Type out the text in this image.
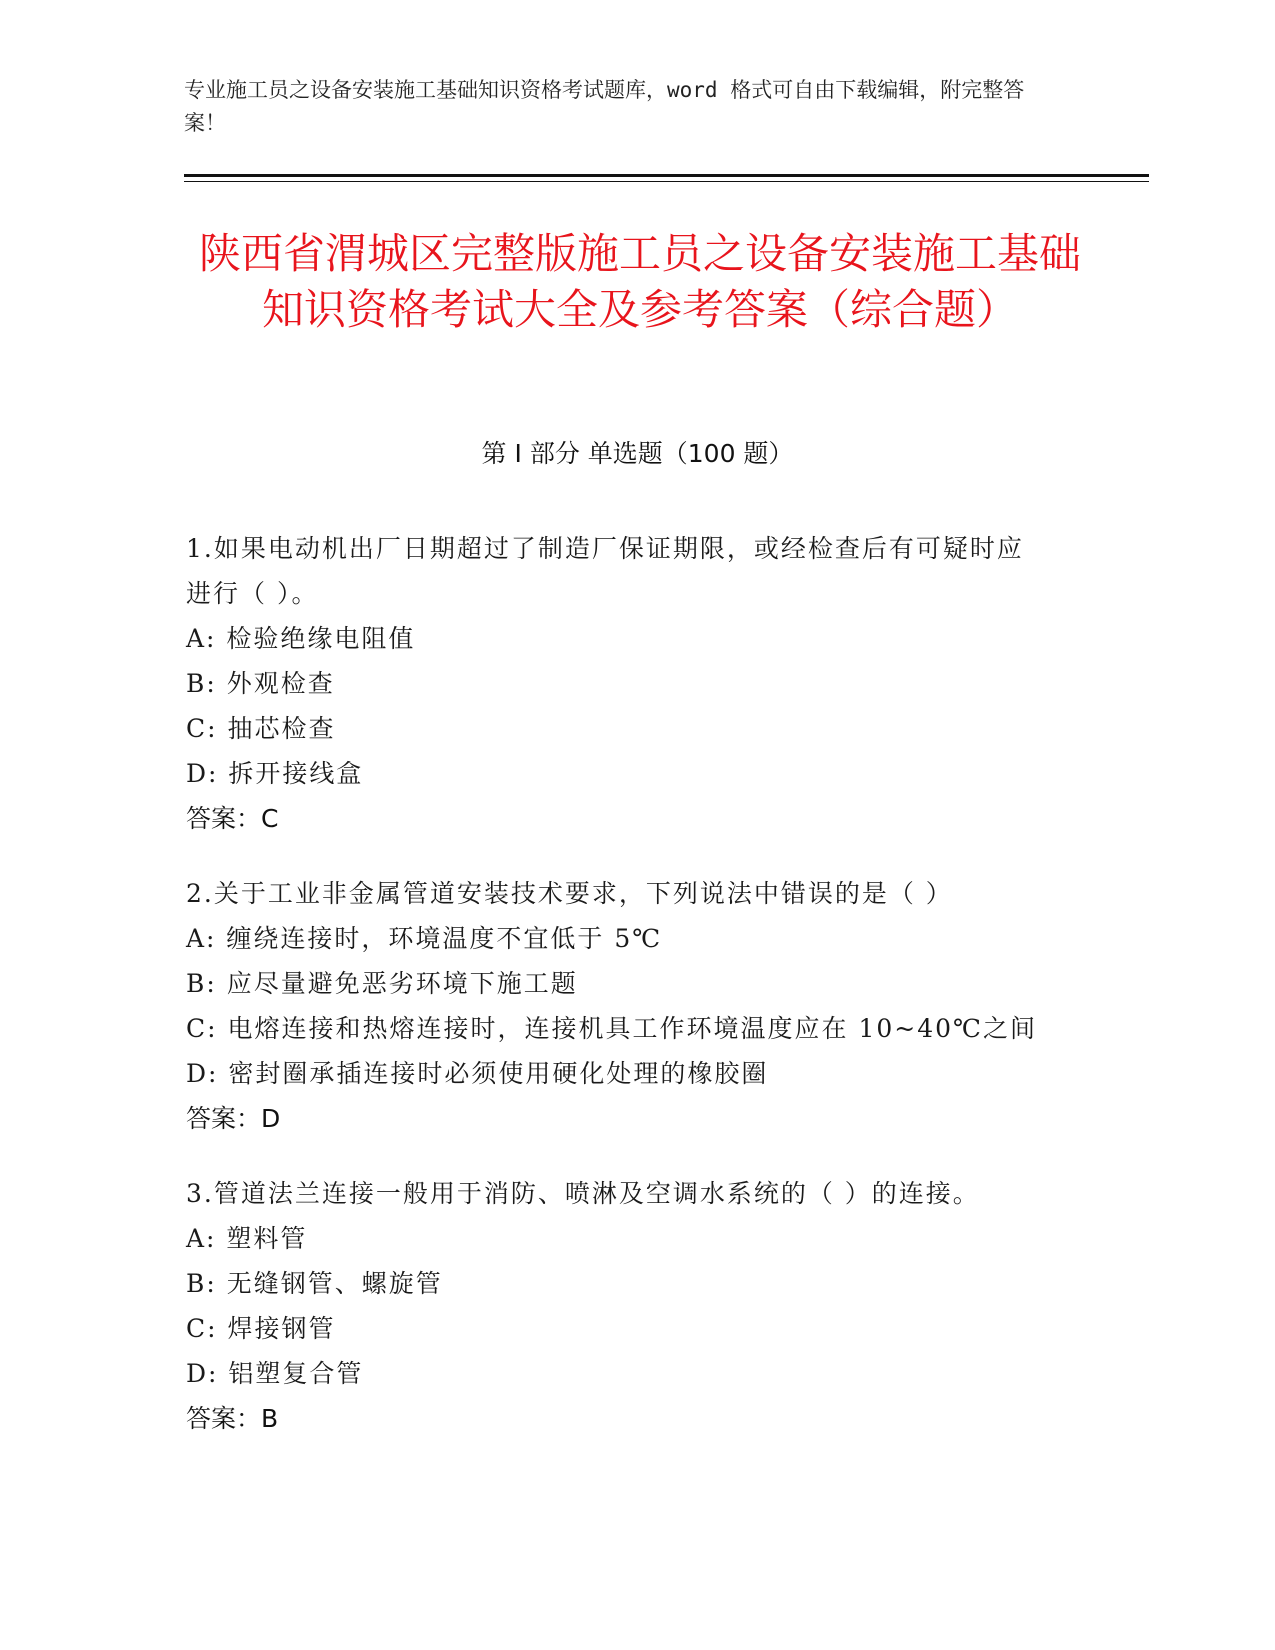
专业施工员之设备安装施工基础知识资格考试题库，word 格式可自由下载编辑，附完整答案！
陕西省渭城区完整版施工员之设备安装施工基础知识资格考试大全及参考答案（综合题）
第 I 部分 单选题（100 题）
1.如果电动机出厂日期超过了制造厂保证期限，或经检查后有可疑时应进行（ ）。
A: 检验绝缘电阻值
B: 外观检查
C: 抽芯检查
D: 拆开接线盒
答案：C
2.关于工业非金属管道安装技术要求，下列说法中错误的是（ ）
A: 缠绕连接时，环境温度不宜低于 5℃
B: 应尽量避免恶劣环境下施工题
C: 电熔连接和热熔连接时，连接机具工作环境温度应在 10~40℃之间
D: 密封圈承插连接时必须使用硬化处理的橡胶圈
答案：D
3.管道法兰连接一般用于消防、喷淋及空调水系统的（ ）的连接。
A: 塑料管
B: 无缝钢管、螺旋管
C: 焊接钢管
D: 铝塑复合管
答案：B
